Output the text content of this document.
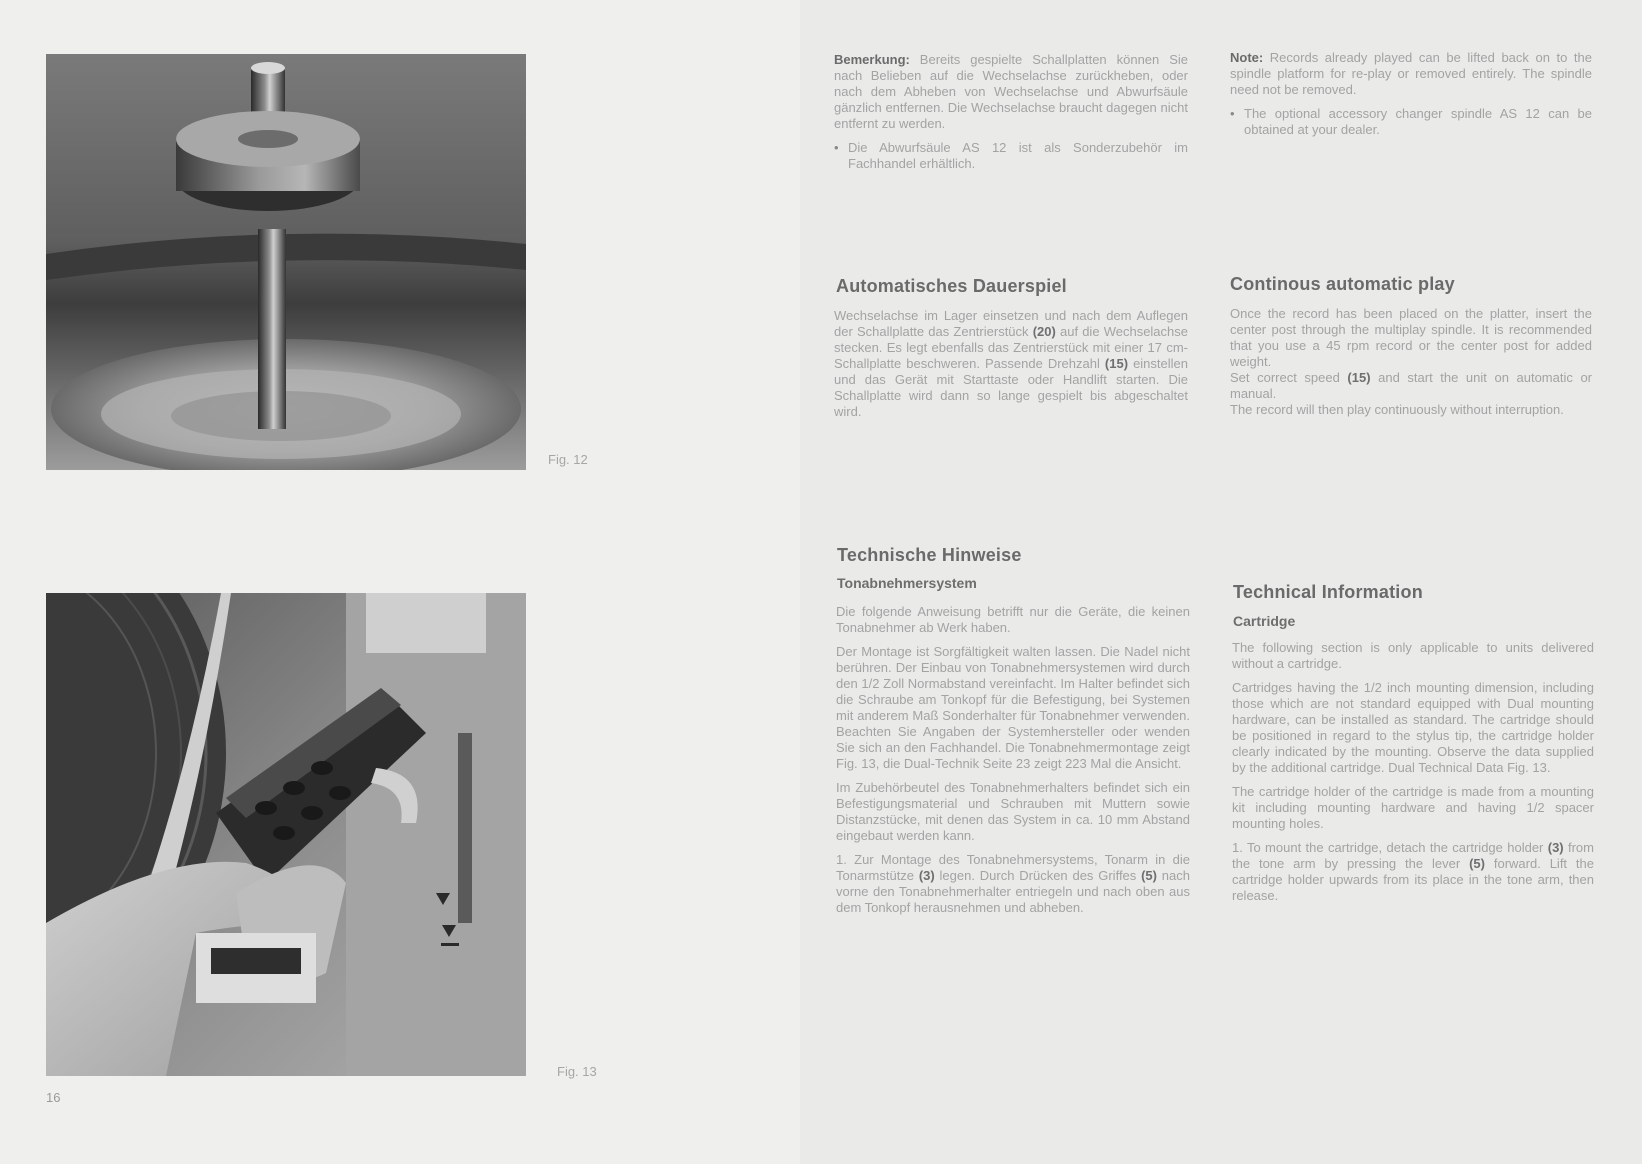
Fig. 12
Fig. 13
16

Bemerkung: Bereits gespielte Schallplatten können Sie nach Belieben auf die Wechselachse zurückheben, oder nach dem Abheben von Wechselachse und Abwurfsäule gänzlich entfernen. Die Wechselachse braucht dagegen nicht entfernt zu werden.

• Die Abwurfsäule AS 12 ist als Sonderzubehör im Fachhandel erhältlich.

Note: Records already played can be lifted back on to the spindle platform for re-play or removed entirely. The spindle need not be removed.

• The optional accessory changer spindle AS 12 can be obtained at your dealer.

Automatisches Dauerspiel	Continous automatic play

Wechselachse im Lager einsetzen und nach dem Auflegen der Schallplatte das Zentrierstück (20) auf die Wechselachse stecken. Es legt ebenfalls das Zentrierstück mit einer 17 cm-Schallplatte beschweren. Passende Drehzahl (15) einstellen und das Gerät mit Starttaste oder Handlift starten. Die Schallplatte wird dann so lange gespielt bis abgeschaltet wird.

Once the record has been placed on the platter, insert the center post through the multiplay spindle. It is recommended that you use a 45 rpm record or the center post for added weight.

Set correct speed (15) and start the unit on automatic or manual.

The record will then play continuously without interruption.

Technische Hinweise
Tonabnehmersystem	Technical Information
Cartridge

Die folgende Anweisung betrifft nur die Geräte, die keinen Tonabnehmer ab Werk haben.

Der Montage ist Sorgfältigkeit walten lassen. Die Nadel nicht berühren. Der Einbau von Tonabnehmersystemen wird durch den 1/2 Zoll Normabstand vereinfacht. Im Halter befindet sich die Schraube am Tonkopf für die Befestigung, bei Systemen mit anderem Maß Sonderhalter für Tonabnehmer verwenden. Beachten Sie Angaben der Systemhersteller oder wenden Sie sich an den Fachhandel. Die Tonabnehmermontage zeigt Fig. 13, die Dual-Technik Seite 23 zeigt 223 Mal die Ansicht.

Im Zubehörbeutel des Tonabnehmerhalters befindet sich ein Befestigungsmaterial und Schrauben mit Muttern sowie Distanzstücke, mit denen das System in ca. 10 mm Abstand eingebaut werden kann.

1. Zur Montage des Tonabnehmersystems, Tonarm in die Tonarmstütze (3) legen. Durch Drücken des Griffes (5) nach vorne den Tonabnehmerhalter entriegeln und nach oben aus dem Tonkopf herausnehmen und abheben.

The following section is only applicable to units delivered without a cartridge.

Cartridges having the 1/2 inch mounting dimension, including those which are not standard equipped with Dual mounting hardware, can be installed as standard. The cartridge should be positioned in regard to the stylus tip, the cartridge holder clearly indicated by the mounting. Observe the data supplied by the additional cartridge. Dual Technical Data Fig. 13.

The cartridge holder of the cartridge is made from a mounting kit including mounting hardware and having 1/2 spacer mounting holes.

1. To mount the cartridge, detach the cartridge holder (3) from the tone arm by pressing the lever (5) forward. Lift the cartridge holder upwards from its place in the tone arm, then release.
